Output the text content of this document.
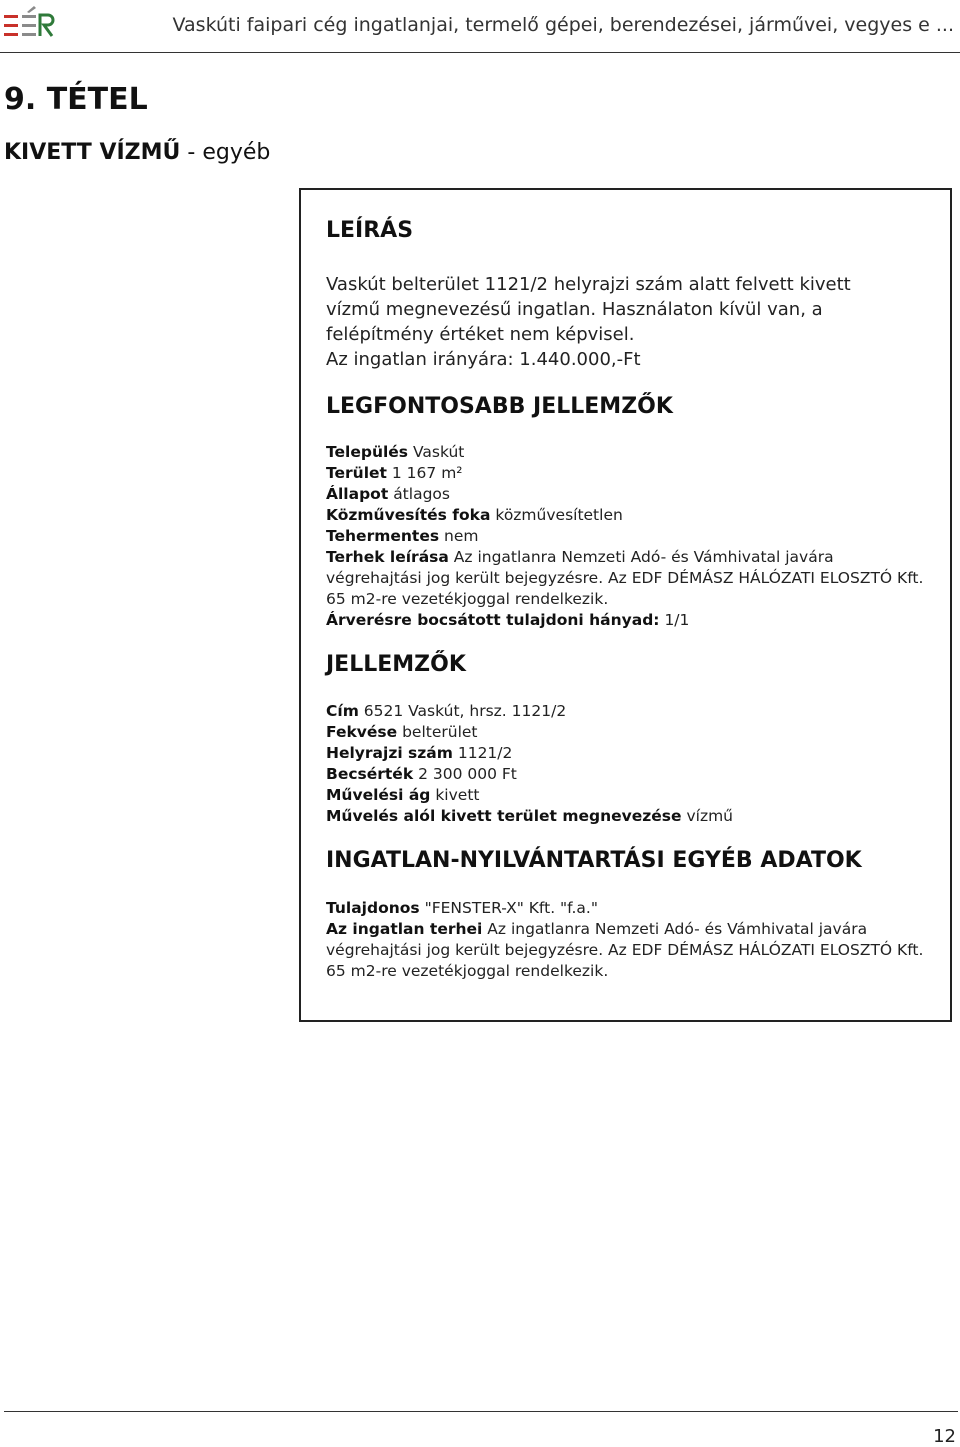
Vaskúti faipari cég ingatlanjai, termelő gépei, berendezései, járművei, vegyes e ...
9. TÉTEL

KIVETT VÍZMŰ - egyéb

LEÍRÁS
Vaskút belterület 1121/2 helyrajzi szám alatt felvett kivett
vízmű megnevezésű ingatlan. Használaton kívül van, a
felépítmény értéket nem képvisel.
Az ingatlan irányára: 1.440.000,-Ft
LEGFONTOSABB JELLEMZŐK
Település Vaskút
Terület 1 167 m²
Állapot átlagos
Közművesítés foka közművesítetlen
Tehermentes nem
Terhek leírása Az ingatlanra Nemzeti Adó- és Vámhivatal javára végrehajtási jog került bejegyzésre. Az EDF DÉMÁSZ HÁLÓZATI ELOSZTÓ Kft. 65 m2-re vezetékjoggal rendelkezik.
Árverésre bocsátott tulajdoni hányad: 1/1
JELLEMZŐK
Cím 6521 Vaskút, hrsz. 1121/2
Fekvése belterület
Helyrajzi szám 1121/2
Becsérték 2 300 000 Ft
Művelési ág kivett
Művelés alól kivett terület megnevezése vízmű
INGATLAN-NYILVÁNTARTÁSI EGYÉB ADATOK
Tulajdonos "FENSTER-X" Kft. "f.a."
Az ingatlan terhei Az ingatlanra Nemzeti Adó- és Vámhivatal javára végrehajtási jog került bejegyzésre. Az EDF DÉMÁSZ HÁLÓZATI ELOSZTÓ Kft. 65 m2-re vezetékjoggal rendelkezik.
12
